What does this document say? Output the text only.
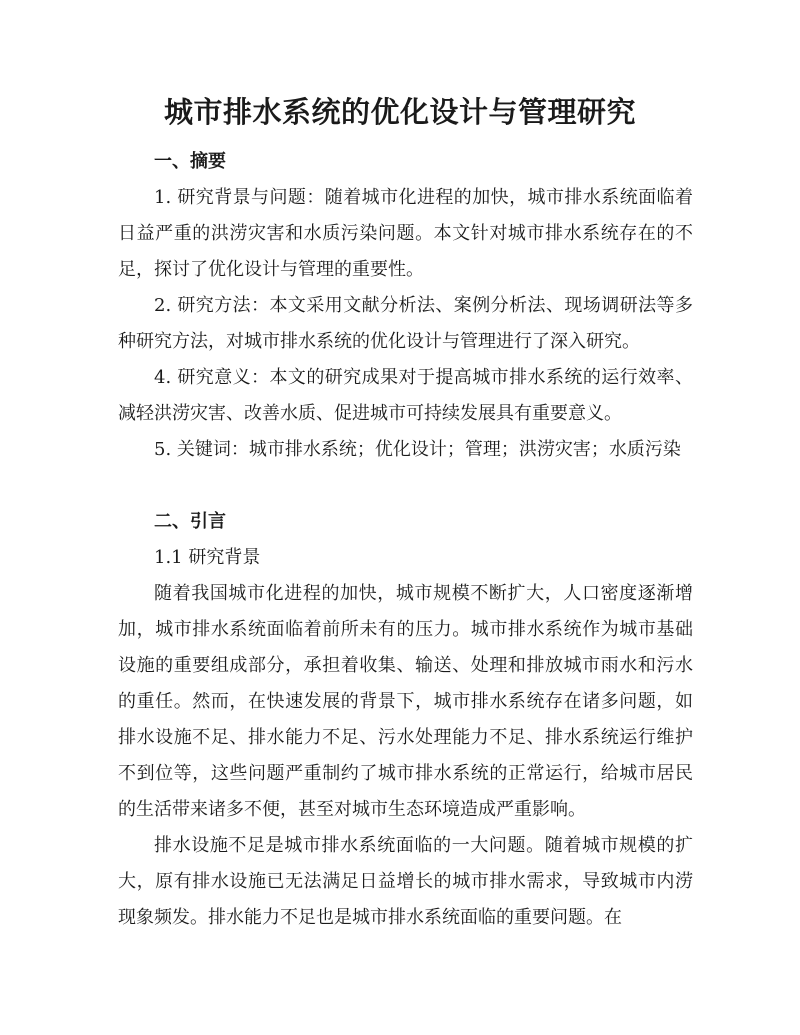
城市排水系统的优化设计与管理研究
一、摘要

1. 研究背景与问题：随着城市化进程的加快，城市排水系统面临着日益严重的洪涝灾害和水质污染问题。本文针对城市排水系统存在的不足，探讨了优化设计与管理的重要性。

2. 研究方法：本文采用文献分析法、案例分析法、现场调研法等多种研究方法，对城市排水系统的优化设计与管理进行了深入研究。

4. 研究意义：本文的研究成果对于提高城市排水系统的运行效率、减轻洪涝灾害、改善水质、促进城市可持续发展具有重要意义。

5. 关键词：城市排水系统；优化设计；管理；洪涝灾害；水质污染

二、引言
1.1 研究背景

随着我国城市化进程的加快，城市规模不断扩大，人口密度逐渐增加，城市排水系统面临着前所未有的压力。城市排水系统作为城市基础设施的重要组成部分，承担着收集、输送、处理和排放城市雨水和污水的重任。然而，在快速发展的背景下，城市排水系统存在诸多问题，如排水设施不足、排水能力不足、污水处理能力不足、排水系统运行维护不到位等，这些问题严重制约了城市排水系统的正常运行，给城市居民的生活带来诸多不便，甚至对城市生态环境造成严重影响。

排水设施不足是城市排水系统面临的一大问题。随着城市规模的扩大，原有排水设施已无法满足日益增长的城市排水需求，导致城市内涝现象频发。排水能力不足也是城市排水系统面临的重要问题。在
